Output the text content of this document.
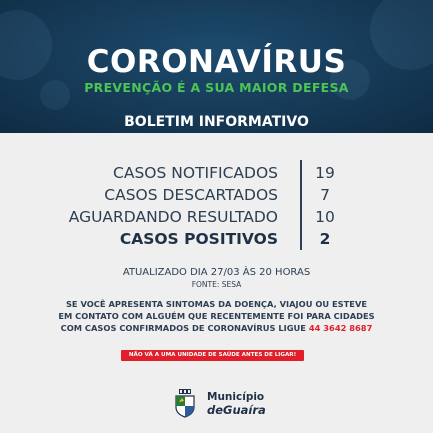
CORONAVÍRUS
PREVENÇÃO É A SUA MAIOR DEFESA
BOLETIM INFORMATIVO
CASOS NOTIFICADOS	19
CASOS DESCARTADOS	7
AGUARDANDO RESULTADO	10
CASOS POSITIVOS	2
ATUALIZADO DIA 27/03 ÀS 20 HORAS
FONTE: SESA
SE VOCÊ APRESENTA SINTOMAS DA DOENÇA, VIAJOU OU ESTEVE
EM CONTATO COM ALGUÉM QUE RECENTEMENTE FOI PARA CIDADES
COM CASOS CONFIRMADOS DE CORONAVÍRUS LIGUE 44 3642 8687
NÃO VÁ A UMA UNIDADE DE SAÚDE ANTES DE LIGAR!
Município
deGuaíra
